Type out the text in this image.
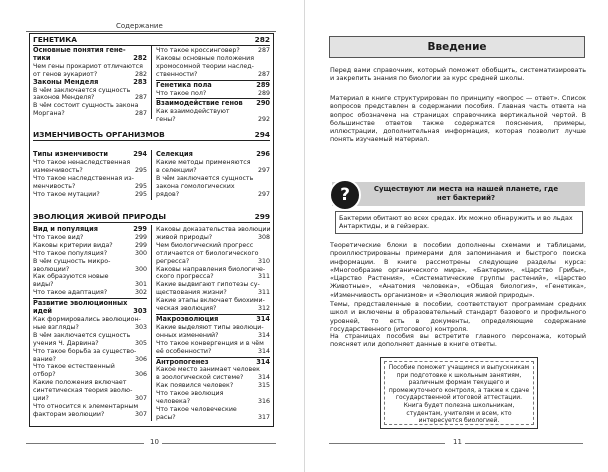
Содержание
ГЕНЕТИКА	282
Основные понятия гене-
тики	282
Чем гены прокариот отличаются
от генов эукариот?	282
Законы Менделя	283
В чём заключается сущность
законов Менделя?	287
В чём состоит сущность закона
Моргана?	287
Что такое кроссинговер?	287
Каковы основные положения
хромосомной теории наслед-
ственности?	287
Генетика пола	289
Что такое пол?	289
Взаимодействие генов 290
Как взаимодействуют
гены?	292
ИЗМЕНЧИВОСТЬ ОРГАНИЗМОВ	294
Типы изменчивости	294
Что такое ненаследственная
изменчивость?	295
Что такое наследственная из-
менчивость?	295
Что такое мутации?	295
Селекция	296
Какие методы применяются
в селекции?	297
В чём заключается сущность
закона гомологических
рядов?	297
ЭВОЛЮЦИЯ ЖИВОЙ ПРИРОДЫ	299
Вид и популяция	299
Что такое вид?	299
Каковы критерии вида?	299
Что такое популяция?	300
В чём сущность микро-
эволюции?	300
Как образуются новые
виды?	301
Что такое адаптация?	302
Развитие эволюционных
идей	303
Как формировались эволюцион-
ные взгляды?	303
В чём заключается сущность
учения Ч. Дарвина?	305
Что такое борьба за существо-
вание?	306
Что такое естественный
отбор?	306
Какие положения включает
синтетическая теория эволю-
ции?	307
Что относится к элементарным
факторам эволюции?	307
Каковы доказательства эволюции
живой природы?	308
Чем биологический прогресс
отличается от биологического
регресса?	310
Каковы направления биологиче-
ского прогресса?	311
Какие выдвигают гипотезы су-
ществования жизни?	311
Какие этапы включает биохими-
ческая эволюция?	312
Макроэволюция	314
Какие выделяют типы эволюци-
онных изменений?	314
Что такое конвергенция и в чём
её особенности?	314
Антропогенез	314
Какое место занимает человек
в зоологической системе? 314
Как появился человек?	315
Что такое эволюция
человека?	316
Что такое человеческие
расы?	317
10
Введение

Перед вами справочник, который поможет обобщить, систематизировать и закрепить знания по биологии за курс средней школы.

Материал в книге структурирован по принципу «вопрос — ответ». Список вопросов представлен в содержании пособия. Главная часть ответа на вопрос обозначена на страницах справочника вертикальной чертой. В большинстве ответов также содержатся пояснения, примеры, иллюстрации, дополнительная информация, которая позволит лучше понять изучаемый материал.

?	Существуют ли места на нашей планете, где нет бактерий?
Бактерии обитают во всех средах. Их можно обнаружить и во льдах Антарктиды, и в гейзерах.

Теоретические блоки в пособии дополнены схемами и таблицами, проиллюстрированы примерами для запоминания и быстрого поиска информации. В книге рассмотрены следующие разделы курса: «Многообразие органического мира», «Бактерии», «Царство Грибы», «Царство Растения», «Систематические группы растений», «Царство Животные», «Анатомия человека», «Общая биология», «Генетика», «Изменчивость организмов» и «Эволюция живой природы».

Темы, представленные в пособии, соответствуют программам средних школ и включены в образовательный стандарт базового и профильного уровней, то есть в документы, определяющие содержание государственного (итогового) контроля.

На страницах пособия вы встретите главного персонажа, который поясняет или дополняет данные в книге ответы.

Пособие поможет учащимся и выпускникам при подготовке к школьным занятиям, различным формам текущего и промежуточного контроля, а также к сдаче государственной итоговой аттестации. Книга будет полезна школьникам, студентам, учителям и всем, кто интересуется биологией.
11
